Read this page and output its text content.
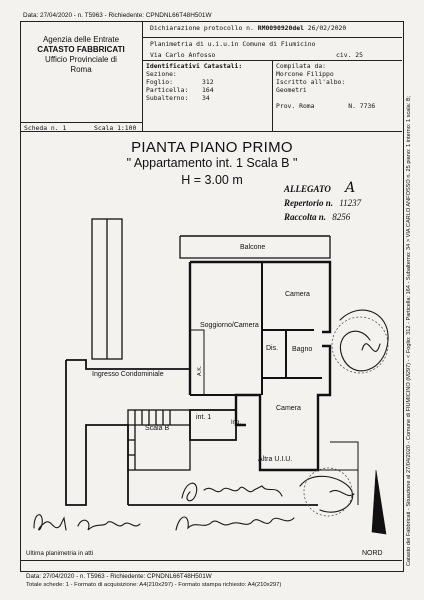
Data: 27/04/2020 - n. T5963 - Richiedente: CPNDNL66T48H501W
Agenzia delle Entrate
CATASTO FABBRICATI
Ufficio Provinciale di
Roma
Dichiarazione protocollo n. RM0090920del 26/02/2020
Planimetria di u.i.u.in Comune di Fiumicino
Via Carlo Anfosso	civ. 25
Identificativi Catastali:
Sezione:
Foglio:	312
Particella: 164
Subalterno: 34
Compilata da:
Morcone Filippo
Iscritto all'albo:
Geometri
Prov. Roma	N. 7736
Scheda n. 1	Scala 1:100
PIANTA PIANO PRIMO
" Appartamento int. 1 Scala B "
H = 3.00 m
ALLEGATO A
Repertorio n. 11237
Raccolta n. 8256
Balcone
Camera
Soggiorno/Camera
Dis. Bagno
Ingresso Condominiale
int. 1
Ing.
Scala B
Camera
Altra U.I.U.
A.K.
NORD
Ultima planimetria in atti
Data: 27/04/2020 - n. T5963 - Richiedente: CPNDNL66T48H501W
Totale schede: 1 - Formato di acquisizione: A4(210x297) - Formato stampa richiesto: A4(210x297)
Catasto dei Fabbricati - Situazione al 27/04/2020 - Comune di FIUMICINO (M297) - < Foglio: 312 - Particella: 164 - Subalterno: 34 > VIA CARLO ANFOSSO n. 25 piano: 1 interno: 1 scala: B;
